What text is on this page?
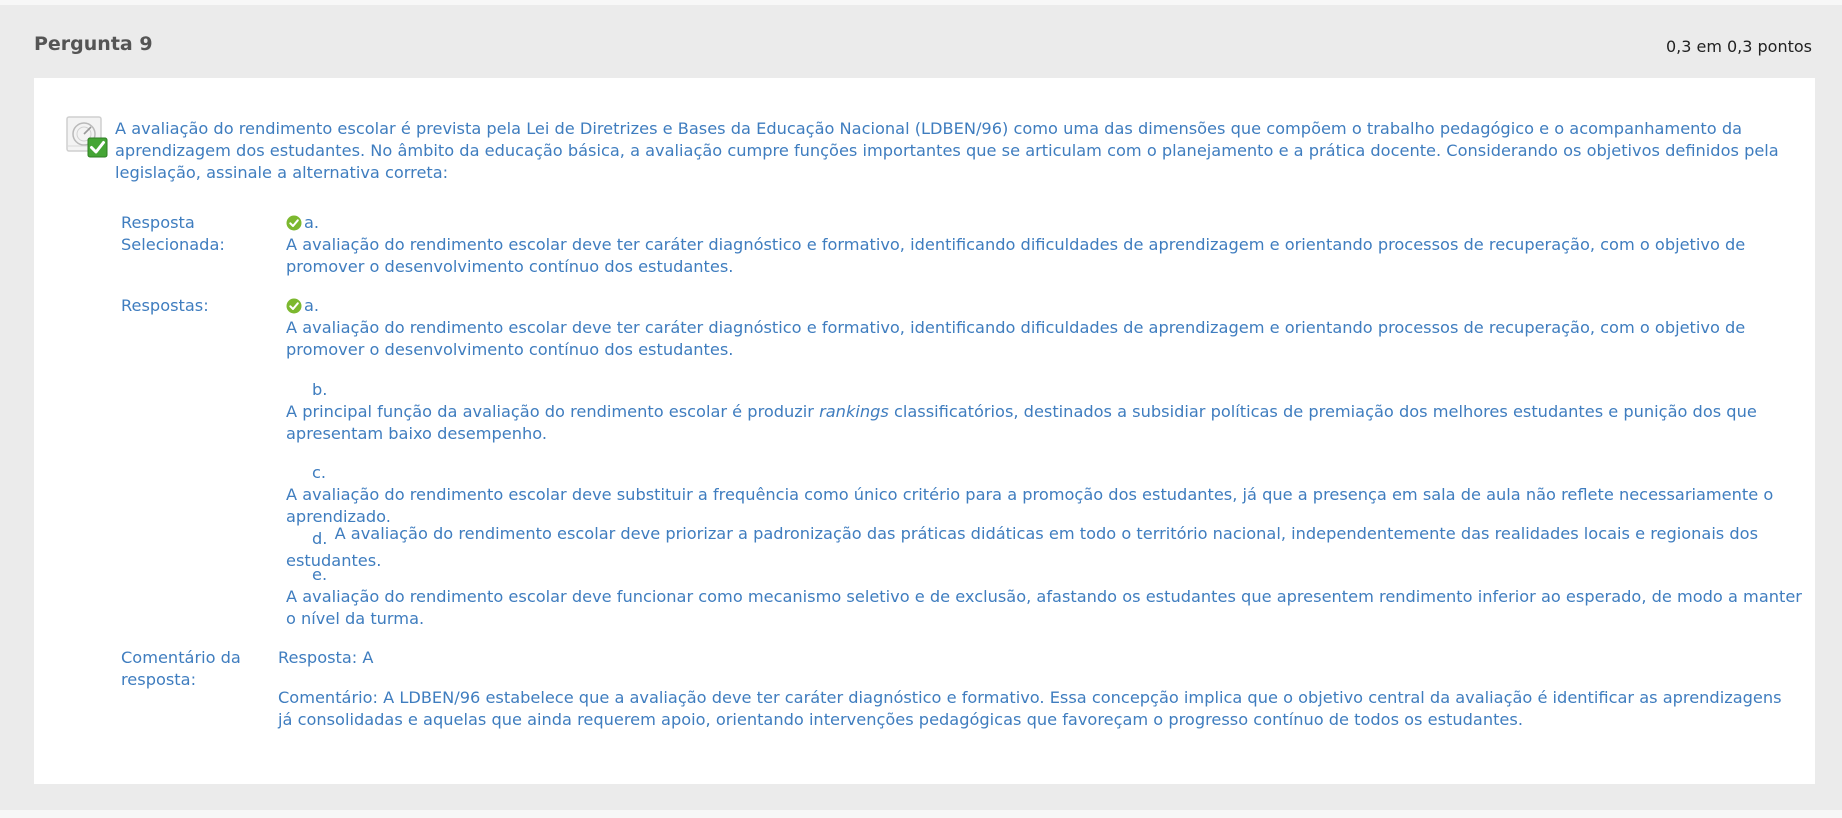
Pergunta 9	0,3 em 0,3 pontos
A avaliação do rendimento escolar é prevista pela Lei de Diretrizes e Bases da Educação Nacional (LDBEN/96) como uma das dimensões que compõem o trabalho pedagógico e o acompanhamento da aprendizagem dos estudantes. No âmbito da educação básica, a avaliação cumpre funções importantes que se articulam com o planejamento e a prática docente. Considerando os objetivos definidos pela legislação, assinale a alternativa correta:
Resposta
Selecionada:
a.
A avaliação do rendimento escolar deve ter caráter diagnóstico e formativo, identificando dificuldades de aprendizagem e orientando processos de recuperação, com o objetivo de promover o desenvolvimento contínuo dos estudantes.
Respostas:	a.
A avaliação do rendimento escolar deve ter caráter diagnóstico e formativo, identificando dificuldades de aprendizagem e orientando processos de recuperação, com o objetivo de promover o desenvolvimento contínuo dos estudantes.
b.
A principal função da avaliação do rendimento escolar é produzir rankings classificatórios, destinados a subsidiar políticas de premiação dos melhores estudantes e punição dos que apresentam baixo desempenho.
c.
A avaliação do rendimento escolar deve substituir a frequência como único critério para a promoção dos estudantes, já que a presença em sala de aula não reflete necessariamente o aprendizado.
d. A avaliação do rendimento escolar deve priorizar a padronização das práticas didáticas em todo o território nacional, independentemente das realidades locais e regionais dos estudantes.
e.
A avaliação do rendimento escolar deve funcionar como mecanismo seletivo e de exclusão, afastando os estudantes que apresentem rendimento inferior ao esperado, de modo a manter o nível da turma.
Comentário da
resposta:
Resposta: A
Comentário: A LDBEN/96 estabelece que a avaliação deve ter caráter diagnóstico e formativo. Essa concepção implica que o objetivo central da avaliação é identificar as aprendizagens já consolidadas e aquelas que ainda requerem apoio, orientando intervenções pedagógicas que favoreçam o progresso contínuo de todos os estudantes.
